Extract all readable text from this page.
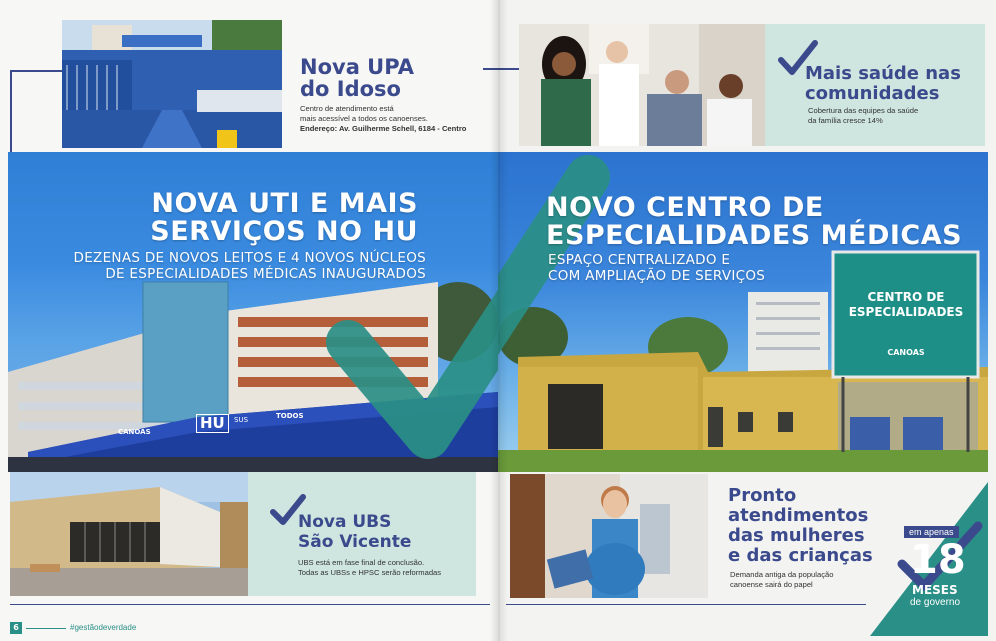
Nova UPA
do Idoso
Centro de atendimento está
mais acessível a todos os canoenses.
Endereço: Av. Guilherme Schell, 6184 - Centro
Mais saúde nas
comunidades
Cobertura das equipes da saúde
da família cresce 14%
NOVA UTI E MAIS
SERVIÇOS NO HU
DEZENAS DE NOVOS LEITOS E 4 NOVOS NÚCLEOS
DE ESPECIALIDADES MÉDICAS INAUGURADOS
CANOAS	HU	SUS	TODOS
NOVO CENTRO DE
ESPECIALIDADES MÉDICAS
ESPAÇO CENTRALIZADO E
COM AMPLIAÇÃO DE SERVIÇOS
CENTRO DE
ESPECIALIDADES
CANOAS
Nova UBS
São Vicente
UBS está em fase final de conclusão.
Todas as UBSs e HPSC serão reformadas
Pronto
atendimentos
das mulheres
e das crianças
Demanda antiga da população
canoense sairá do papel
em apenas
18
MESES
de governo
6	#gestãodeverdade
